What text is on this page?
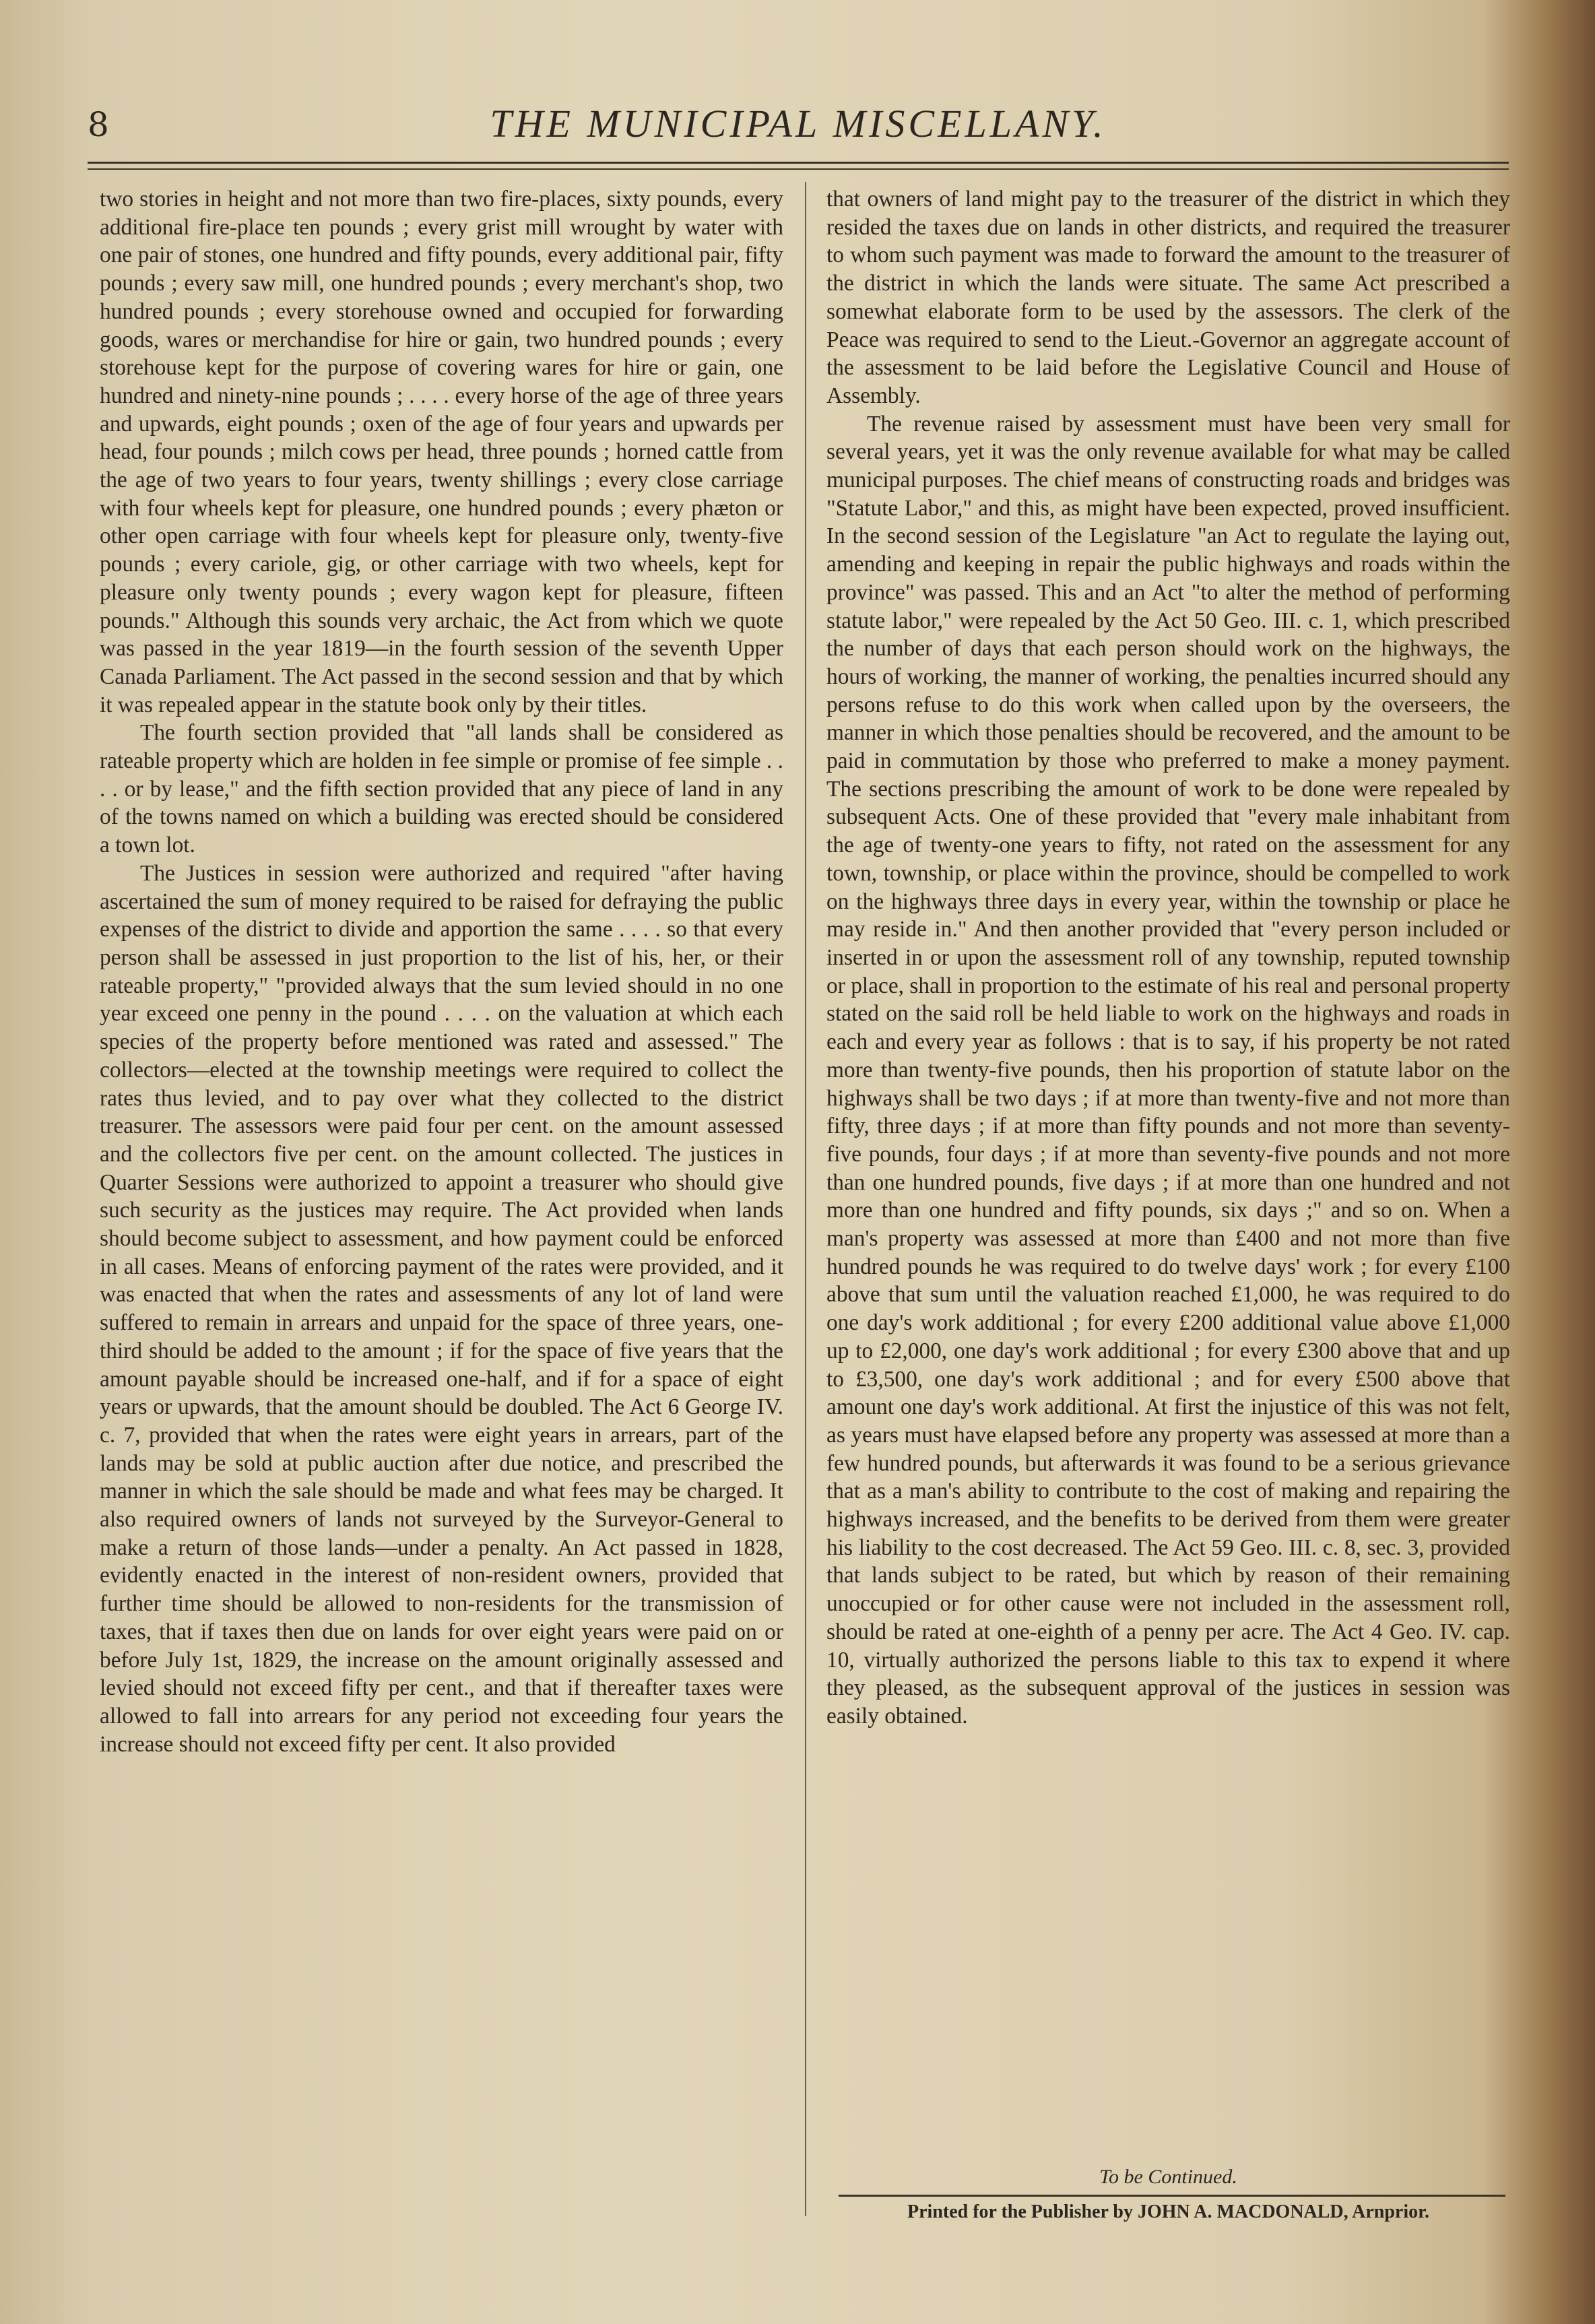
8	THE MUNICIPAL MISCELLANY.

two stories in height and not more than two fire-places, sixty pounds, every additional fire-place ten pounds ; every grist mill wrought by water with one pair of stones, one hundred and fifty pounds, every additional pair, fifty pounds ; every saw mill, one hundred pounds ; every merchant's shop, two hundred pounds ; every storehouse owned and occupied for forwarding goods, wares or merchandise for hire or gain, two hundred pounds ; every storehouse kept for the purpose of covering wares for hire or gain, one hundred and ninety-nine pounds ; . . . . every horse of the age of three years and upwards, eight pounds ; oxen of the age of four years and upwards per head, four pounds ; milch cows per head, three pounds ; horned cattle from the age of two years to four years, twenty shillings ; every close carriage with four wheels kept for pleasure, one hundred pounds ; every phæton or other open carriage with four wheels kept for pleasure only, twenty-five pounds ; every cariole, gig, or other carriage with two wheels, kept for pleasure only twenty pounds ; every wagon kept for pleasure, fifteen pounds." Although this sounds very archaic, the Act from which we quote was passed in the year 1819—in the fourth session of the seventh Upper Canada Parliament. The Act passed in the second session and that by which it was repealed appear in the statute book only by their titles.

The fourth section provided that "all lands shall be considered as rateable property which are holden in fee simple or promise of fee simple . . . . or by lease," and the fifth section provided that any piece of land in any of the towns named on which a building was erected should be considered a town lot.

The Justices in session were authorized and required "after having ascertained the sum of money required to be raised for defraying the public expenses of the district to divide and apportion the same . . . . so that every person shall be assessed in just proportion to the list of his, her, or their rateable property," "provided always that the sum levied should in no one year exceed one penny in the pound . . . . on the valuation at which each species of the property before mentioned was rated and assessed." The collectors—elected at the township meetings were required to collect the rates thus levied, and to pay over what they collected to the district treasurer. The assessors were paid four per cent. on the amount assessed and the collectors five per cent. on the amount collected. The justices in Quarter Sessions were authorized to appoint a treasurer who should give such security as the justices may require. The Act provided when lands should become subject to assessment, and how payment could be enforced in all cases. Means of enforcing payment of the rates were provided, and it was enacted that when the rates and assessments of any lot of land were suffered to remain in arrears and unpaid for the space of three years, one-third should be added to the amount ; if for the space of five years that the amount payable should be increased one-half, and if for a space of eight years or upwards, that the amount should be doubled. The Act 6 George IV. c. 7, provided that when the rates were eight years in arrears, part of the lands may be sold at public auction after due notice, and prescribed the manner in which the sale should be made and what fees may be charged. It also required owners of lands not surveyed by the Surveyor-General to make a return of those lands—under a penalty. An Act passed in 1828, evidently enacted in the interest of non-resident owners, provided that further time should be allowed to non-residents for the transmission of taxes, that if taxes then due on lands for over eight years were paid on or before July 1st, 1829, the increase on the amount originally assessed and levied should not exceed fifty per cent., and that if thereafter taxes were allowed to fall into arrears for any period not exceeding four years the increase should not exceed fifty per cent. It also provided

that owners of land might pay to the treasurer of the district in which they resided the taxes due on lands in other districts, and required the treasurer to whom such payment was made to forward the amount to the treasurer of the district in which the lands were situate. The same Act prescribed a somewhat elaborate form to be used by the assessors. The clerk of the Peace was required to send to the Lieut.-Governor an aggregate account of the assessment to be laid before the Legislative Council and House of Assembly.

The revenue raised by assessment must have been very small for several years, yet it was the only revenue available for what may be called municipal purposes. The chief means of constructing roads and bridges was "Statute Labor," and this, as might have been expected, proved insufficient. In the second session of the Legislature "an Act to regulate the laying out, amending and keeping in repair the public highways and roads within the province" was passed. This and an Act "to alter the method of performing statute labor," were repealed by the Act 50 Geo. III. c. 1, which prescribed the number of days that each person should work on the highways, the hours of working, the manner of working, the penalties incurred should any persons refuse to do this work when called upon by the overseers, the manner in which those penalties should be recovered, and the amount to be paid in commutation by those who preferred to make a money payment. The sections prescribing the amount of work to be done were repealed by subsequent Acts. One of these provided that "every male inhabitant from the age of twenty-one years to fifty, not rated on the assessment for any town, township, or place within the province, should be compelled to work on the highways three days in every year, within the township or place he may reside in." And then another provided that "every person included or inserted in or upon the assessment roll of any township, reputed township or place, shall in proportion to the estimate of his real and personal property stated on the said roll be held liable to work on the highways and roads in each and every year as follows : that is to say, if his property be not rated more than twenty-five pounds, then his proportion of statute labor on the highways shall be two days ; if at more than twenty-five and not more than fifty, three days ; if at more than fifty pounds and not more than seventy-five pounds, four days ; if at more than seventy-five pounds and not more than one hundred pounds, five days ; if at more than one hundred and not more than one hundred and fifty pounds, six days ;" and so on. When a man's property was assessed at more than £400 and not more than five hundred pounds he was required to do twelve days' work ; for every £100 above that sum until the valuation reached £1,000, he was required to do one day's work additional ; for every £200 additional value above £1,000 up to £2,000, one day's work additional ; for every £300 above that and up to £3,500, one day's work additional ; and for every £500 above that amount one day's work additional. At first the injustice of this was not felt, as years must have elapsed before any property was assessed at more than a few hundred pounds, but afterwards it was found to be a serious grievance that as a man's ability to contribute to the cost of making and repairing the highways increased, and the benefits to be derived from them were greater his liability to the cost decreased. The Act 59 Geo. III. c. 8, sec. 3, provided that lands subject to be rated, but which by reason of their remaining unoccupied or for other cause were not included in the assessment roll, should be rated at one-eighth of a penny per acre. The Act 4 Geo. IV. cap. 10, virtually authorized the persons liable to this tax to expend it where they pleased, as the subsequent approval of the justices in session was easily obtained.

To be Continued.
Printed for the Publisher by JOHN A. MACDONALD, Arnprior.
